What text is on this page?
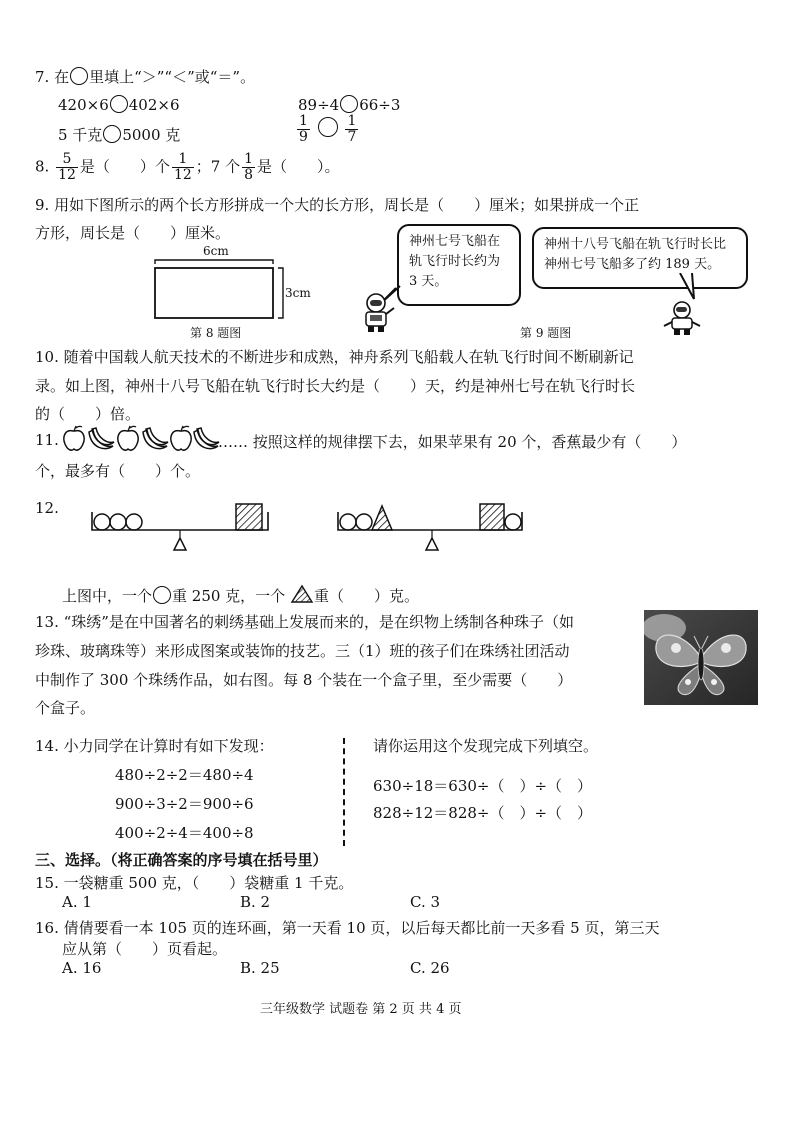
7. 在 里填上“＞”“＜”或“＝”。
420×6 402×6	89÷4 66÷3
5 千克 5000 克	$\frac{1}{9}$
	$\frac{1}{7}$
8. $\frac{5}{12}$ 是（　　）个 $\frac{1}{12}$ ；7 个 $\frac{1}{8}$ 是（　　）。
9. 用如下图所示的两个长方形拼成一个大的长方形，周长是（　　）厘米；如果拼成一个正
方形，周长是（　　）厘米。
6cm
3cm
第 8 题图
神州七号飞船在轨飞行时长约为 3 天。
神州十八号飞船在轨飞行时长比神州七号飞船多了约 189 天。
第 9 题图
10. 随着中国载人航天技术的不断进步和成熟，神舟系列飞船载人在轨飞行时间不断刷新记
录。如上图，神州十八号飞船在轨飞行时长大约是（　　）天，约是神州七号在轨飞行时长
的（　　）倍。
11.	…… 按照这样的规律摆下去，如果苹果有 20 个，香蕉最少有（　　）
个，最多有（　　）个。
12.
上图中，一个 重 250 克，一个 重（　　）克。
13. “珠绣”是在中国著名的刺绣基础上发展而来的，是在织物上绣制各种珠子（如
珍珠、玻璃珠等）来形成图案或装饰的技艺。三（1）班的孩子们在珠绣社团活动
中制作了 300 个珠绣作品，如右图。每 8 个装在一个盒子里，至少需要（　　）
个盒子。
14. 小力同学在计算时有如下发现：
480÷2÷2＝480÷4
900÷3÷2＝900÷6
400÷2÷4＝400÷8
请你运用这个发现完成下列填空。
630÷18＝630÷（　）÷（　）
828÷12＝828÷（　）÷（　）
三、选择。（将正确答案的序号填在括号里）
15. 一袋糖重 500 克，（　　）袋糖重 1 千克。
A. 1	B. 2	C. 3
16. 倩倩要看一本 105 页的连环画，第一天看 10 页，以后每天都比前一天多看 5 页，第三天
应从第（　　）页看起。
A. 16	B. 25	C. 26
三年级数学 试题卷 第 2 页 共 4 页
